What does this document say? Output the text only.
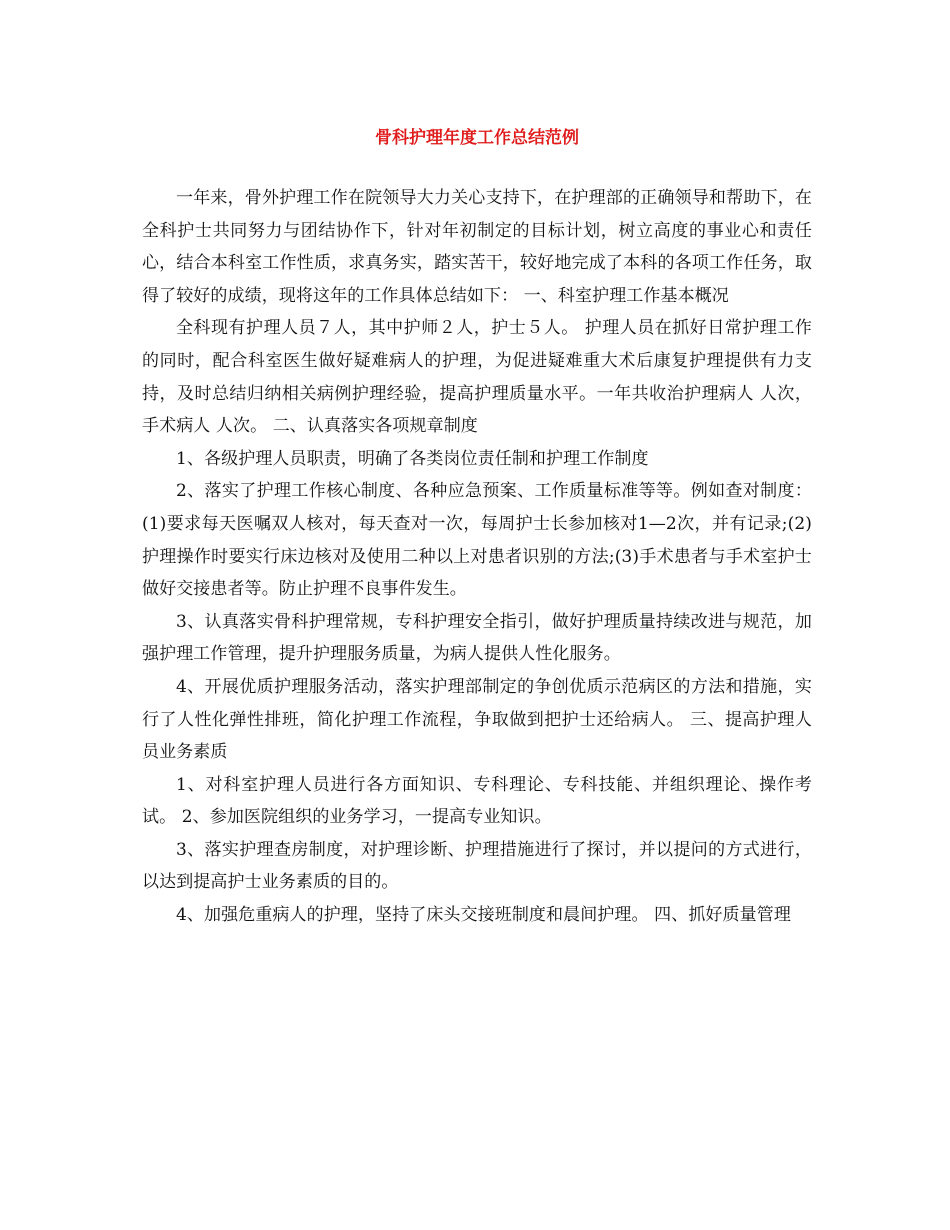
骨科护理年度工作总结范例

一年来，骨外护理工作在院领导大力关心支持下，在护理部的正确领导和帮助下，在全科护士共同努力与团结协作下，针对年初制定的目标计划，树立高度的事业心和责任心，结合本科室工作性质，求真务实，踏实苦干，较好地完成了本科的各项工作任务，取得了较好的成绩，现将这年的工作具体总结如下： 一、科室护理工作基本概况

全科现有护理人员７人，其中护师２人，护士５人。 护理人员在抓好日常护理工作的同时，配合科室医生做好疑难病人的护理，为促进疑难重大术后康复护理提供有力支持，及时总结归纳相关病例护理经验，提高护理质量水平。一年共收治护理病人 人次，手术病人 人次。 二、认真落实各项规章制度

1、各级护理人员职责，明确了各类岗位责任制和护理工作制度

2、落实了护理工作核心制度、各种应急预案、工作质量标准等等。例如查对制度：(1)要求每天医嘱双人核对，每天查对一次，每周护士长参加核对1—2次，并有记录;(2)护理操作时要实行床边核对及使用二种以上对患者识别的方法;(3)手术患者与手术室护士做好交接患者等。防止护理不良事件发生。

3、认真落实骨科护理常规，专科护理安全指引，做好护理质量持续改进与规范，加强护理工作管理，提升护理服务质量，为病人提供人性化服务。

4、开展优质护理服务活动，落实护理部制定的争创优质示范病区的方法和措施，实行了人性化弹性排班，简化护理工作流程，争取做到把护士还给病人。 三、提高护理人员业务素质

1、对科室护理人员进行各方面知识、专科理论、专科技能、并组织理论、操作考试。 2、参加医院组织的业务学习，一提高专业知识。

3、落实护理查房制度，对护理诊断、护理措施进行了探讨，并以提问的方式进行，以达到提高护士业务素质的目的。

4、加强危重病人的护理，坚持了床头交接班制度和晨间护理。 四、抓好质量管理
